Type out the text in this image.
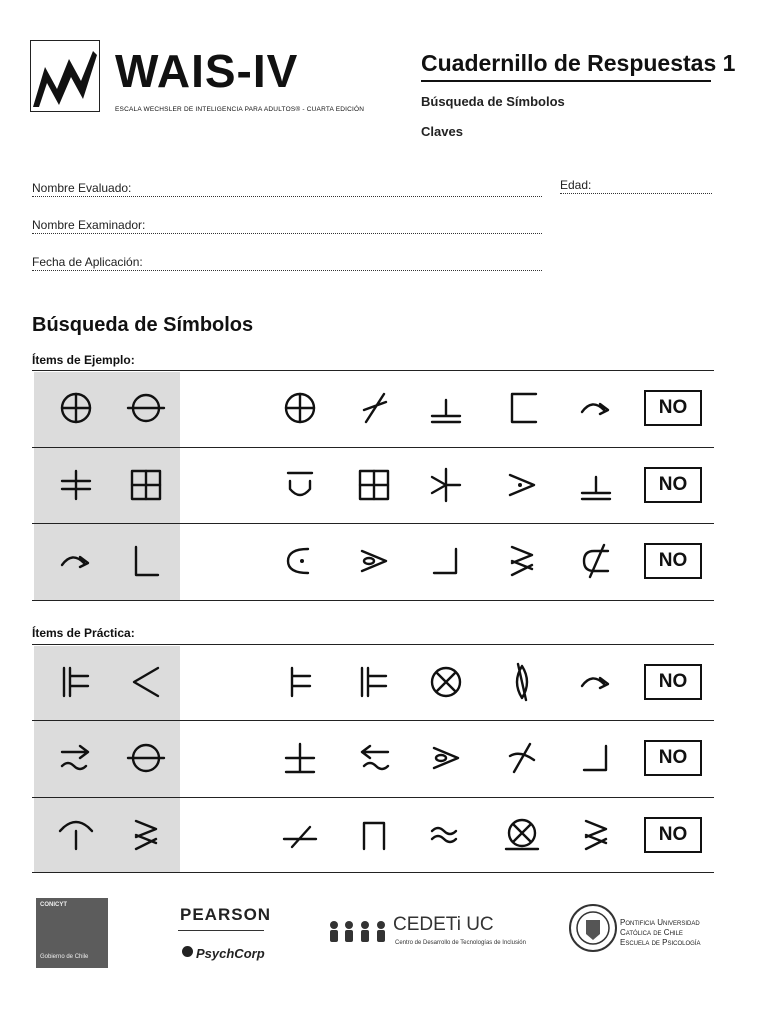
WAIS-IV
ESCALA WECHSLER DE INTELIGENCIA PARA ADULTOS® - CUARTA EDICIÓN
Cuadernillo de Respuestas 1
Búsqueda de Símbolos
Claves
Nombre Evaluado:	Edad:
Nombre Examinador:
Fecha de Aplicación:
Búsqueda de Símbolos
Ítems de Ejemplo:
Ítems de Práctica:
NO
NO
NO
NO
NO
NO
CONICYT
Gobierno de Chile
PEARSON
PsychCorp
CEDETi UC
Centro de Desarrollo de Tecnologías de Inclusión
Pontificia Universidad
Católica de Chile
Escuela de Psicología
